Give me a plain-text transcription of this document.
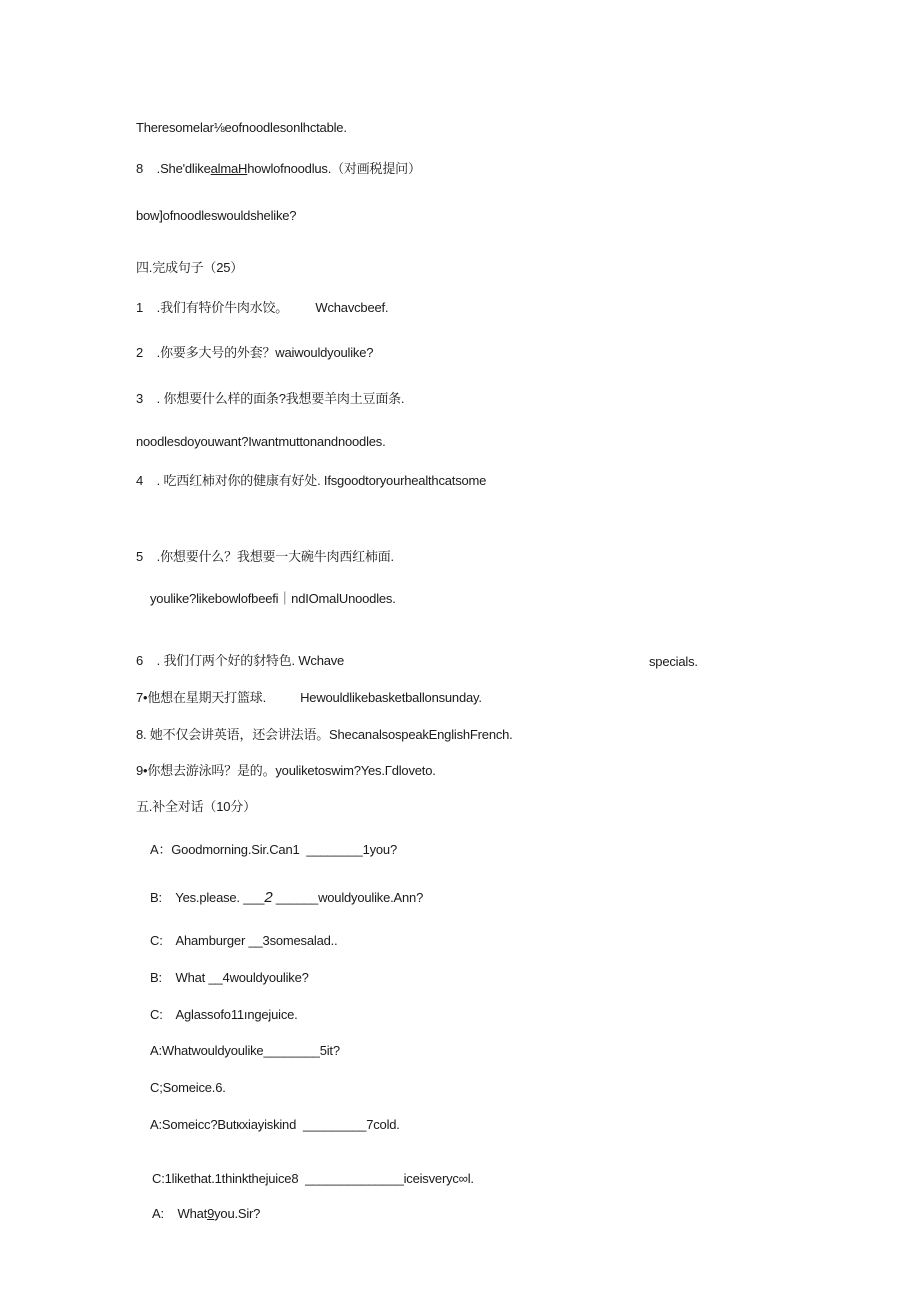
Theresomelar⅛eofnoodlesonlhctable.
8    .She'dlikealmaHhowlofnoodlus.（对画税提问）
bow]ofnoodleswouldshelike?
四.完成句子（25）
1    .我们有特价牛肉水饺。        Wchavcbeef.
2    .你要多大号的外套？waiwouldyoulike?
3    . 你想要什么样的面条?我想要羊肉土豆面条.
noodlesdoyouwant?Iwantmuttonandnoodles.
4    . 吃西红柿对你的健康有好处. Ifsgoodtoryourhealthcatsome
5    .你想要什么？我想要一大碗牛肉西红柿面.
youlike?likebowlofbeefi｜ndIOmalUnoodles.
6    . 我们仃两个好的豺特色. Wchave	specials.
7•他想在星期天打篮球.          Hewouldlikebasketballonsunday.
8. 她不仅会讲英语，还会讲法语。ShecanalsospeakEnglishFrench.
9•你想去游泳吗？是的。youliketoswim?Yes.Γdloveto.
五.补全对话（10分）
A：Goodmorning.Sir.Can1  ________1you?
B:    Yes.please. ___2 ______wouldyoulike.Ann?
C:    Ahamburger __3somesalad..
B:    What __4wouldyoulike?
C:    Aglassofo11ıngejuice.
A:Whatwouldyoulike________5it?
C;Someice.6.
A:Someicc?Butкxiayiskind  _________7cold.
C:1likethat.1thinkthejuice8  ______________iceisveryc∞l.
A:    What9you.Sir?
